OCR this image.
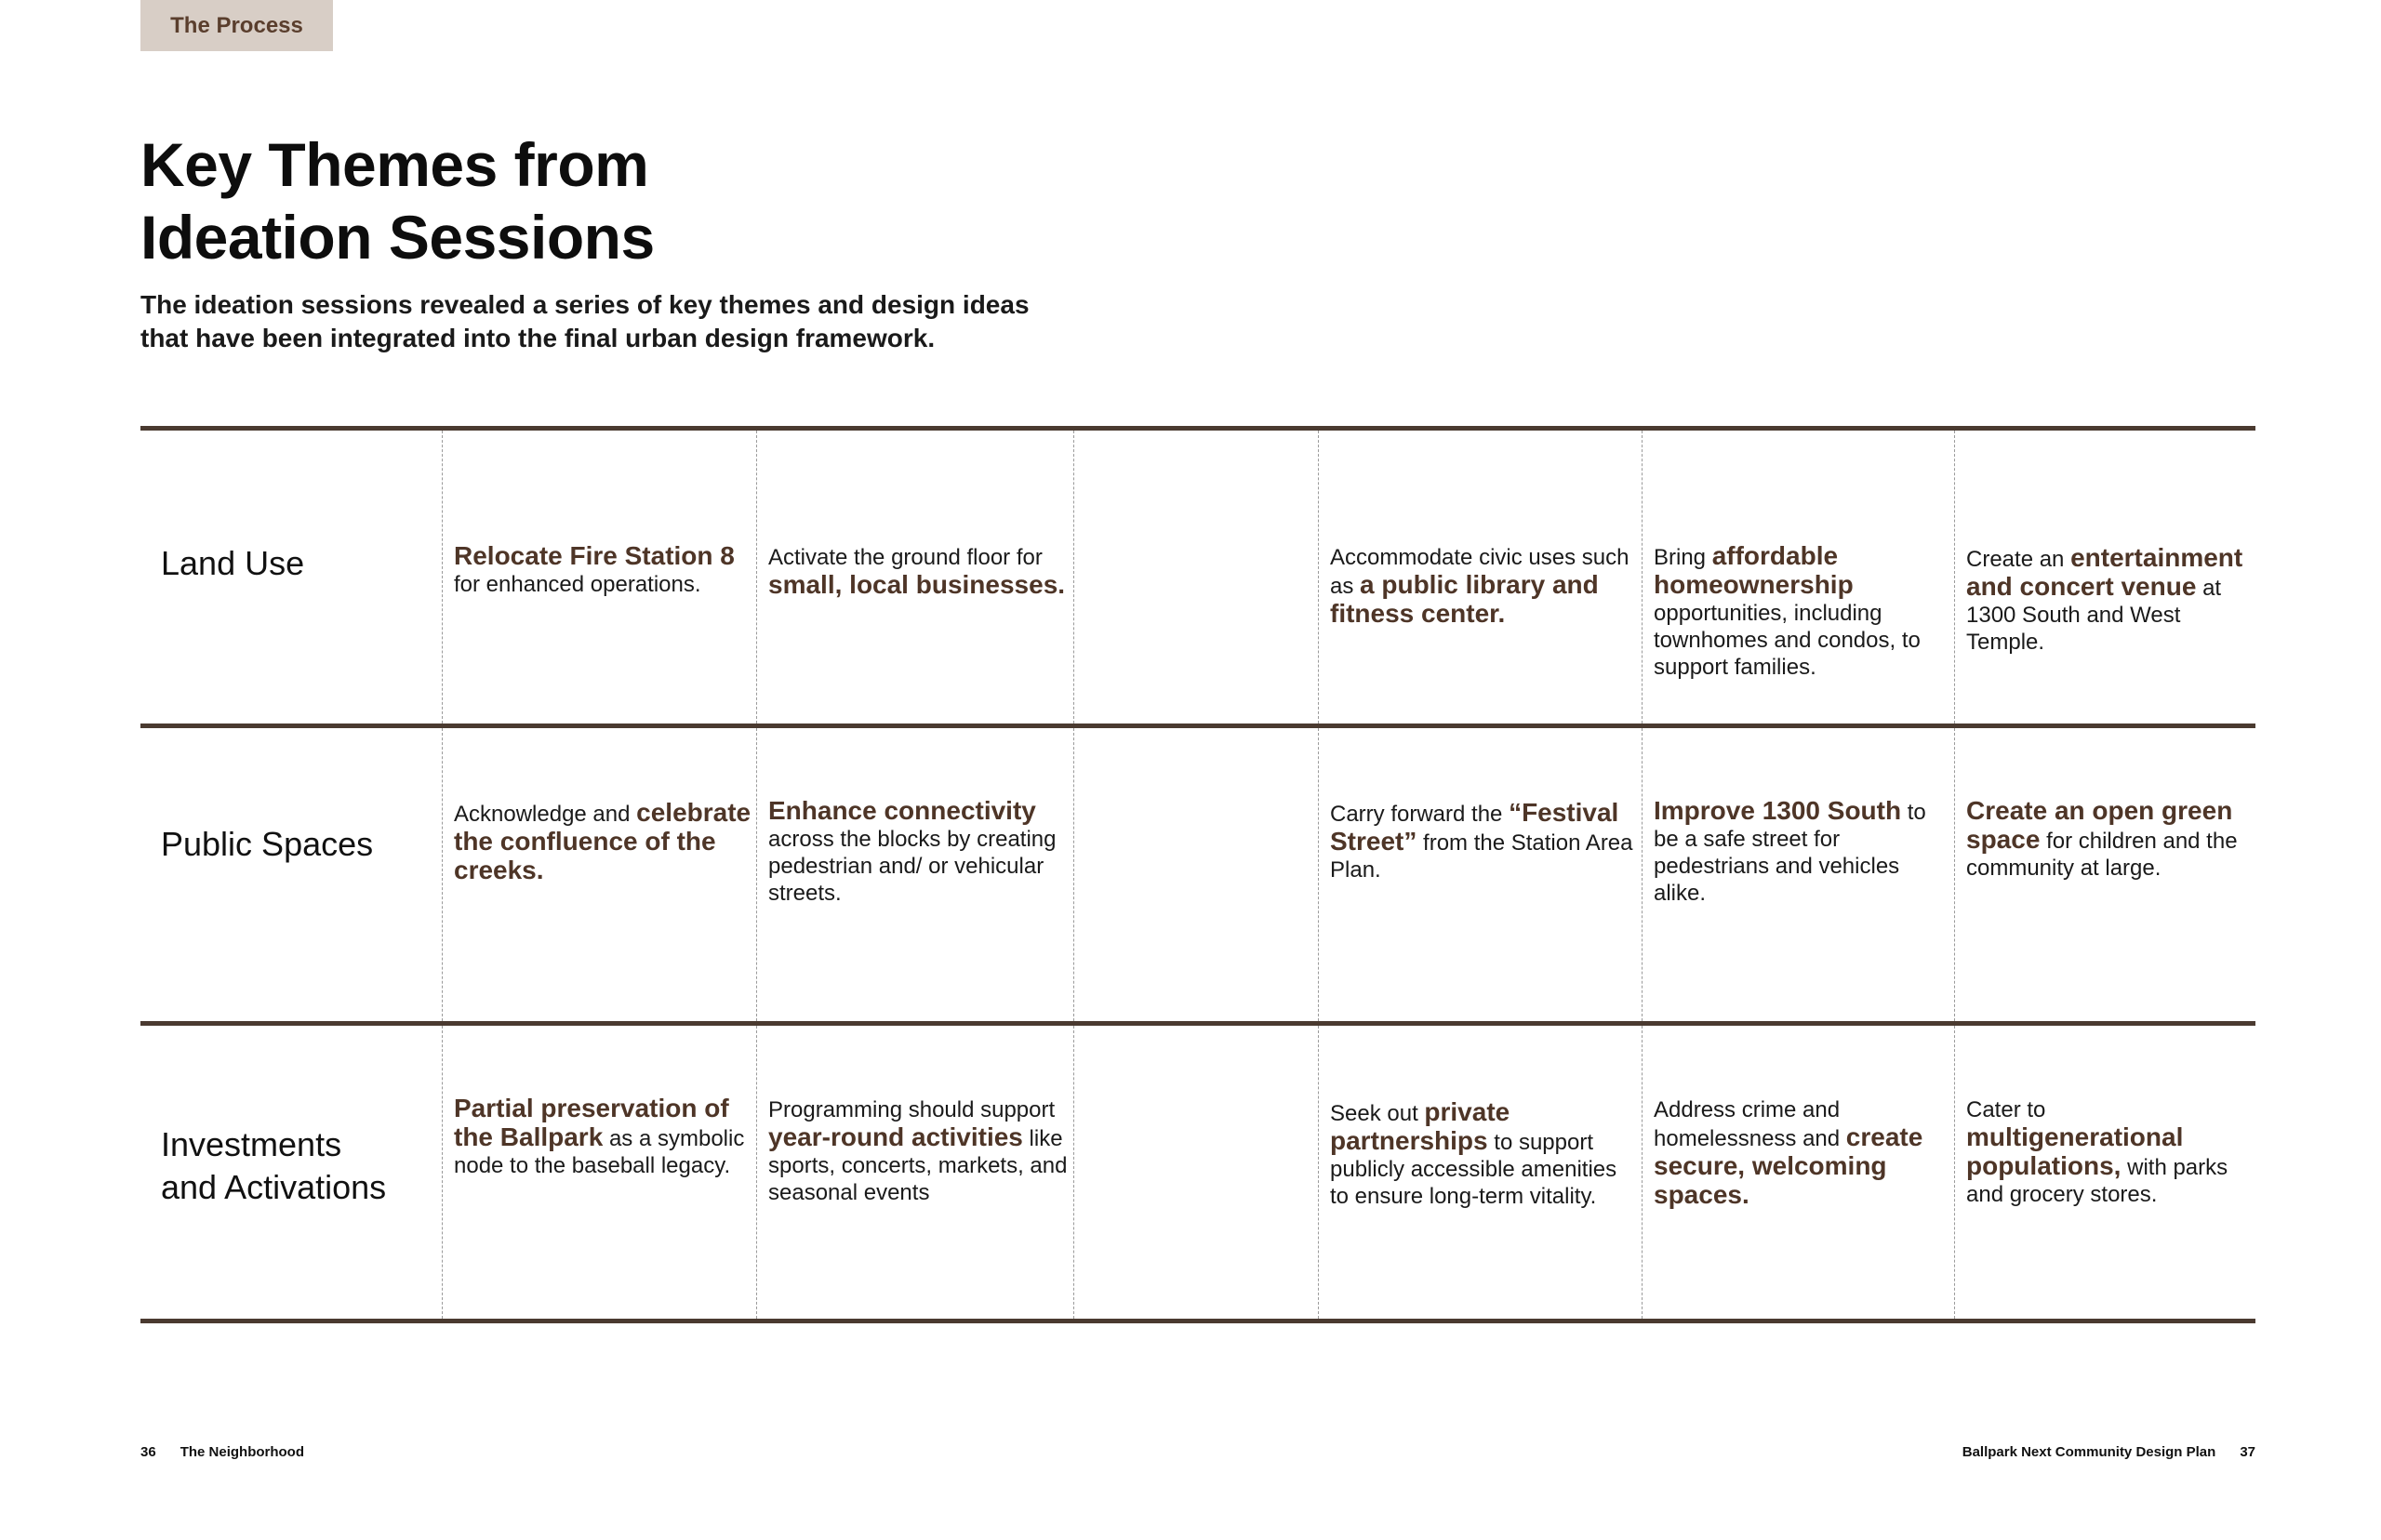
The Process
Key Themes from
Ideation Sessions
The ideation sessions revealed a series of key themes and design ideas
that have been integrated into the final urban design framework.
Land Use	Relocate Fire Station 8 for enhanced operations.
Activate the ground floor for small, local businesses.
Accommodate civic uses such as a public library and fitness center.
Bring affordable homeownership opportunities, including townhomes and condos, to support families.
Create an entertainment and concert venue at 1300 South and West Temple.
Public Spaces
Acknowledge and celebrate the confluence of the creeks.
Enhance connectivity across the blocks by creating pedestrian and/ or vehicular streets.
Carry forward the “Festival Street” from the Station Area Plan.
Improve 1300 South to be a safe street for pedestrians and vehicles alike.
Create an open green space for children and the community at large.
Investments
and Activations
Partial preservation of the Ballpark as a symbolic node to the baseball legacy.
Programming should support year-round activities like sports, concerts, markets, and seasonal events
Seek out private partnerships to support publicly accessible amenities to ensure long-term vitality.
Address crime and homelessness and create secure, welcoming spaces.
Cater to multigenerational populations, with parks and grocery stores.
36 The Neighborhood	Ballpark Next Community Design Plan 37
